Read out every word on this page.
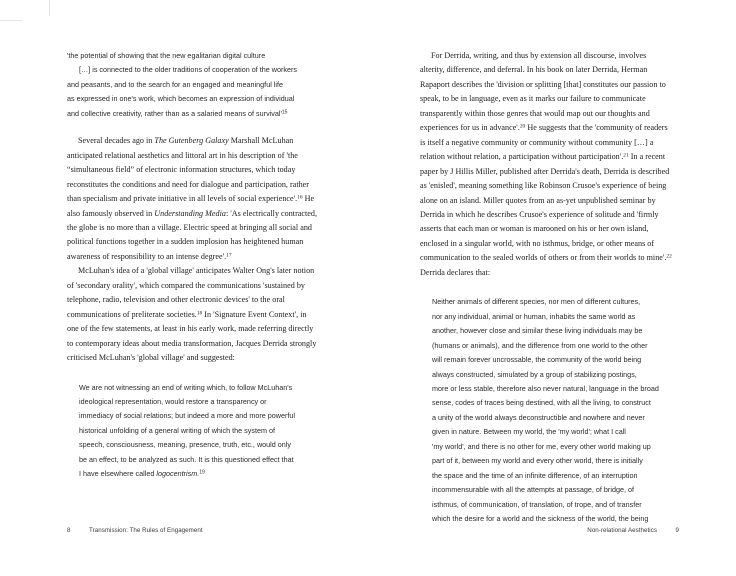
'the potential of showing that the new egalitarian digital culture
[…] is connected to the older traditions of cooperation of the workers
and peasants, and to the search for an engaged and meaningful life
as expressed in one's work, which becomes an expression of individual
and collective creativity, rather than as a salaried means of $survival'^{15}$

Several decades ago in The Gutenberg Galaxy Marshall McLuhan anticipated relational aesthetics and littoral art in his description of 'the “simultaneous field” of electronic information structures, which today reconstitutes the conditions and need for dialogue and participation, rather than specialism and private initiative in all levels of social experience'.$^{16}$ He also famously observed in Understanding Media: 'As electrically contracted, the globe is no more than a village. Electric speed at bringing all social and political functions together in a sudden implosion has heightened human awareness of responsibility to an intense degree'.$^{17}$

McLuhan's idea of a 'global village' anticipates Walter Ong's later notion of 'secondary orality', which compared the communications 'sustained by telephone, radio, television and other electronic devices' to the oral communications of preliterate societies.$^{18}$ In 'Signature Event Context', in one of the few statements, at least in his early work, made referring directly to contemporary ideas about media transformation, Jacques Derrida strongly criticised McLuhan's 'global village' and suggested:

We are not witnessing an end of writing which, to follow McLuhan's
ideological representation, would restore a transparency or
immediacy of social relations; but indeed a more and more powerful
historical unfolding of a general writing of which the system of
speech, consciousness, meaning, presence, truth, etc., would only
be an effect, to be analyzed as such. It is this questioned effect that
I have elsewhere called logocentrism.$^{19}$

For Derrida, writing, and thus by extension all discourse, involves alterity, difference, and deferral. In his book on later Derrida, Herman Rapaport describes the 'division or splitting [that] constitutes our passion to speak, to be in language, even as it marks our failure to communicate transparently within those genres that would map out our thoughts and experiences for us in advance'.$^{20}$ He suggests that the 'community of readers is itself a negative community or community without community […] a relation without relation, a participation without participation'.$^{21}$ In a recent paper by J Hillis Miller, published after Derrida's death, Derrida is described as 'enisled', meaning something like Robinson Crusoe's experience of being alone on an island. Miller quotes from an as-yet unpublished seminar by Derrida in which he describes Crusoe's experience of solitude and 'firmly asserts that each man or woman is marooned on his or her own island, enclosed in a singular world, with no isthmus, bridge, or other means of communication to the sealed worlds of others or from their worlds to mine'.$^{22}$ Derrida declares that:

Neither animals of different species, nor men of different cultures,
nor any individual, animal or human, inhabits the same world as
another, however close and similar these living individuals may be
(humans or animals), and the difference from one world to the other
will remain forever uncrossable, the community of the world being
always constructed, simulated by a group of stabilizing postings,
more or less stable, therefore also never natural, language in the broad
sense, codes of traces being destined, with all the living, to construct
a unity of the world always deconstructible and nowhere and never
given in nature. Between my world, the 'my world'; what I call
'my world', and there is no other for me, every other world making up
part of it, between my world and every other world, there is initially
the space and the time of an infinite difference, of an interruption
incommensurable with all the attempts at passage, of bridge, of
isthmus, of communication, of translation, of trope, and of transfer
which the desire for a world and the sickness of the world, the being
8	Transmission: The Rules of Engagement	Non-relational Aesthetics	9
